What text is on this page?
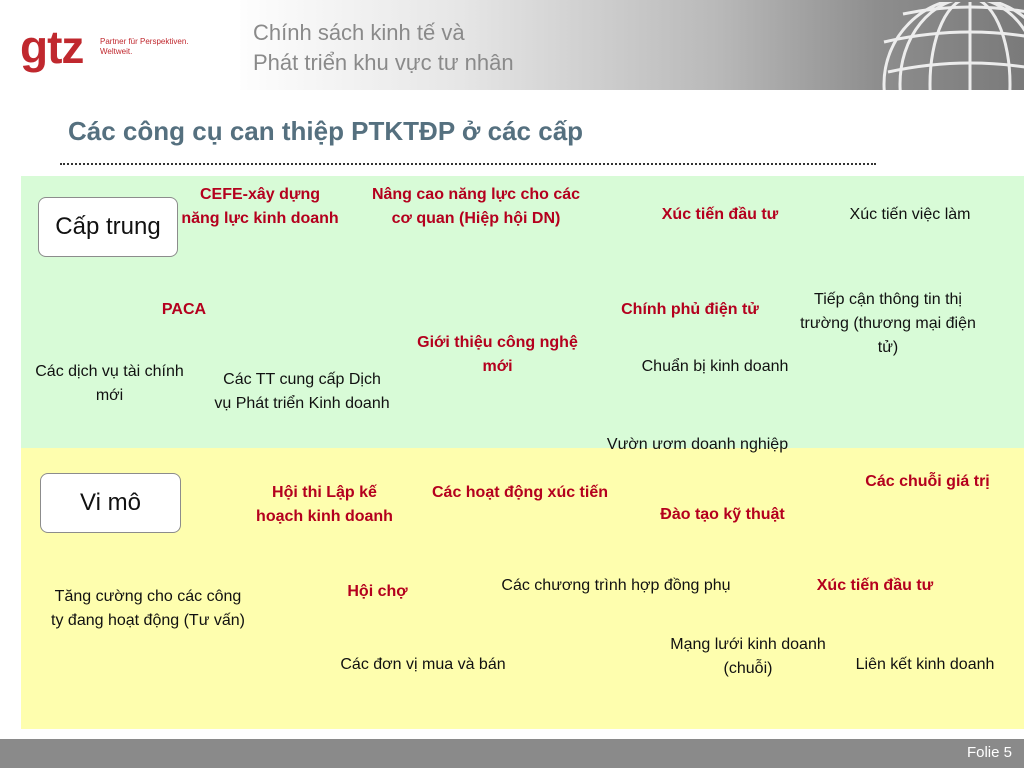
gtz Partner für Perspektiven.
Weltweit.
Chính sách kinh tế và
Phát triển khu vực tư nhân
Các công cụ can thiệp PTKTĐP ở các cấp
Cấp trung
Vi mô
CEFE-xây dựng năng lực kinh doanh
Nâng cao năng lực cho các cơ quan (Hiệp hội DN)	Xúc tiến đầu tư	Xúc tiến việc làm
PACA	Chính phủ điện tử
Tiếp cận thông tin thị trường (thương mại điện tử)
Giới thiệu công nghệ mới
Các dịch vụ tài chính mới
Các TT cung cấp Dịch vụ Phát triển Kinh doanh
Chuẩn bị kinh doanh
Vườn ươm doanh nghiệp
Các chuỗi giá trị
Hội thi Lập kế hoạch kinh doanh
Các hoạt động xúc tiến
Đào tạo kỹ thuật
Tăng cường cho các công ty đang hoạt động (Tư vấn)
Hội chợ	Các chương trình hợp đồng phụ	Xúc tiến đầu tư
Mạng lưới kinh doanh (chuỗi)
Các đơn vị mua và bán	Liên kết kinh doanh
Folie 5
